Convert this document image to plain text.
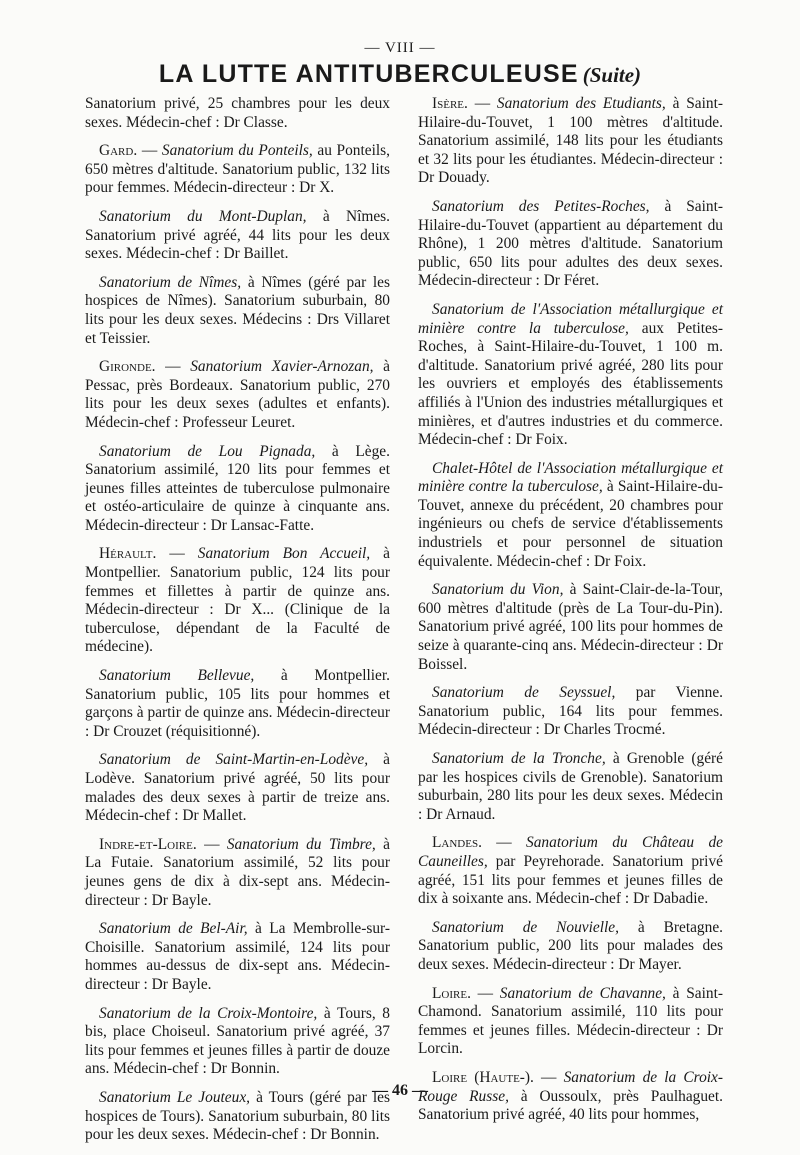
— VIII —
LA LUTTE ANTITUBERCULEUSE (Suite)

Sanatorium privé, 25 chambres pour les deux sexes. Médecin-chef : Dr Classe.

Gard. — Sanatorium du Ponteils, au Ponteils, 650 mètres d'altitude. Sanatorium public, 132 lits pour femmes. Médecin-directeur : Dr X.

Sanatorium du Mont-Duplan, à Nîmes. Sanatorium privé agréé, 44 lits pour les deux sexes. Médecin-chef : Dr Baillet.

Sanatorium de Nîmes, à Nîmes (géré par les hospices de Nîmes). Sanatorium suburbain, 80 lits pour les deux sexes. Médecins : Drs Villaret et Teissier.

Gironde. — Sanatorium Xavier-Arnozan, à Pessac, près Bordeaux. Sanatorium public, 270 lits pour les deux sexes (adultes et enfants). Médecin-chef : Professeur Leuret.

Sanatorium de Lou Pignada, à Lège. Sanatorium assimilé, 120 lits pour femmes et jeunes filles atteintes de tuberculose pulmonaire et ostéo-articulaire de quinze à cinquante ans. Médecin-directeur : Dr Lansac-Fatte.

Hérault. — Sanatorium Bon Accueil, à Montpellier. Sanatorium public, 124 lits pour femmes et fillettes à partir de quinze ans. Médecin-directeur : Dr X... (Clinique de la tuberculose, dépendant de la Faculté de médecine).

Sanatorium Bellevue, à Montpellier. Sanatorium public, 105 lits pour hommes et garçons à partir de quinze ans. Médecin-directeur : Dr Crouzet (réquisitionné).

Sanatorium de Saint-Martin-en-Lodève, à Lodève. Sanatorium privé agréé, 50 lits pour malades des deux sexes à partir de treize ans. Médecin-chef : Dr Mallet.

Indre-et-Loire. — Sanatorium du Timbre, à La Futaie. Sanatorium assimilé, 52 lits pour jeunes gens de dix à dix-sept ans. Médecin-directeur : Dr Bayle.

Sanatorium de Bel-Air, à La Membrolle-sur-Choisille. Sanatorium assimilé, 124 lits pour hommes au-dessus de dix-sept ans. Médecin-directeur : Dr Bayle.

Sanatorium de la Croix-Montoire, à Tours, 8 bis, place Choiseul. Sanatorium privé agréé, 37 lits pour femmes et jeunes filles à partir de douze ans. Médecin-chef : Dr Bonnin.

Sanatorium Le Jouteux, à Tours (géré par les hospices de Tours). Sanatorium suburbain, 80 lits pour les deux sexes. Médecin-chef : Dr Bonnin.

Isère. — Sanatorium des Etudiants, à Saint-Hilaire-du-Touvet, 1 100 mètres d'altitude. Sanatorium assimilé, 148 lits pour les étudiants et 32 lits pour les étudiantes. Médecin-directeur : Dr Douady.

Sanatorium des Petites-Roches, à Saint-Hilaire-du-Touvet (appartient au département du Rhône), 1 200 mètres d'altitude. Sanatorium public, 650 lits pour adultes des deux sexes. Médecin-directeur : Dr Féret.

Sanatorium de l'Association métallurgique et minière contre la tuberculose, aux Petites-Roches, à Saint-Hilaire-du-Touvet, 1 100 m. d'altitude. Sanatorium privé agréé, 280 lits pour les ouvriers et employés des établissements affiliés à l'Union des industries métallurgiques et minières, et d'autres industries et du commerce. Médecin-chef : Dr Foix.

Chalet-Hôtel de l'Association métallurgique et minière contre la tuberculose, à Saint-Hilaire-du-Touvet, annexe du précédent, 20 chambres pour ingénieurs ou chefs de service d'établissements industriels et pour personnel de situation équivalente. Médecin-chef : Dr Foix.

Sanatorium du Vion, à Saint-Clair-de-la-Tour, 600 mètres d'altitude (près de La Tour-du-Pin). Sanatorium privé agréé, 100 lits pour hommes de seize à quarante-cinq ans. Médecin-directeur : Dr Boissel.

Sanatorium de Seyssuel, par Vienne. Sanatorium public, 164 lits pour femmes. Médecin-directeur : Dr Charles Trocmé.

Sanatorium de la Tronche, à Grenoble (géré par les hospices civils de Grenoble). Sanatorium suburbain, 280 lits pour les deux sexes. Médecin : Dr Arnaud.

Landes. — Sanatorium du Château de Cauneilles, par Peyrehorade. Sanatorium privé agréé, 151 lits pour femmes et jeunes filles de dix à soixante ans. Médecin-chef : Dr Dabadie.

Sanatorium de Nouvielle, à Bretagne. Sanatorium public, 200 lits pour malades des deux sexes. Médecin-directeur : Dr Mayer.

Loire. — Sanatorium de Chavanne, à Saint-Chamond. Sanatorium assimilé, 110 lits pour femmes et jeunes filles. Médecin-directeur : Dr Lorcin.

Loire (Haute-). — Sanatorium de la Croix-Rouge Russe, à Oussoulx, près Paulhaguet. Sanatorium privé agréé, 40 lits pour hommes,

— 46 —
